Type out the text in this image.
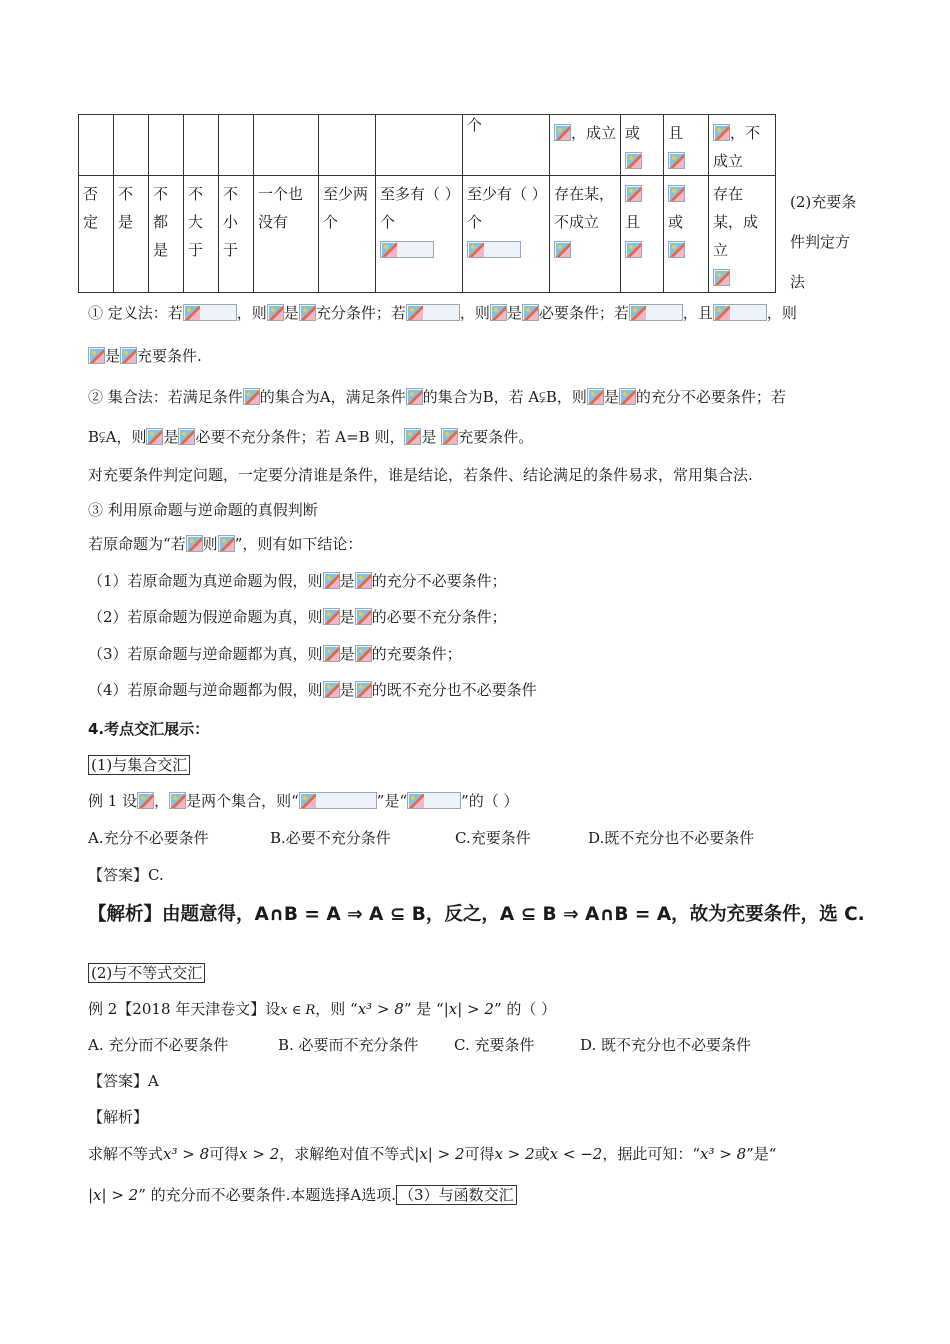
								个	，成立	或	且	，不成立
否定	不是	不都是	不大于	不小于	一个也没有	至少两个	至多有（ ）个	至少有（ ）个	存在某，不成立	且	或	存在某，成立

(2)充要条件判定方法
① 定义法：若	，则 是 充分条件；若	，则 是 必要条件；若	，且	，则
是 充要条件.
② 集合法：若满足条件 的集合为A，满足条件 的集合为B，若 A⫋B，则 是 的充分不必要条件；若
B⫋A，则 是 必要不充分条件；若 A=B 则， 是
充要条件。
对充要条件判定问题，一定要分清谁是条件，谁是结论，若条件、结论满足的条件易求，常用集合法.
③ 利用原命题与逆命题的真假判断
若原命题为“若 则 ”，则有如下结论：
（1）若原命题为真逆命题为假，则 是 的充分不必要条件；
（2）若原命题为假逆命题为真，则 是 的必要不充分条件；
（3）若原命题与逆命题都为真，则 是 的充要条件；
（4）若原命题与逆命题都为假，则 是 的既不充分也不必要条件
4.考点交汇展示：
(1)与集合交汇
例 1 设 ， 是两个集合，则“	”是“	”的（ ）
A.充分不必要条件	B.必要不充分条件	C.充要条件	D.既不充分也不必要条件
【答案】C.
【解析】由题意得，A∩B = A ⇒ A ⊆ B，反之，A ⊆ B ⇒ A∩B = A，故为充要条件，选 C.
(2)与不等式交汇
例 2【2018 年天津卷文】设x ∈ R，则 “x³ > 8” 是 “|x| > 2” 的（ ）
A. 充分而不必要条件	B. 必要而不充分条件 C. 充要条件	D. 既不充分也不必要条件
【答案】A
【解析】
求解不等式x³ > 8可得x > 2，求解绝对值不等式|x| > 2可得x > 2或x < −2，据此可知：“x³ > 8”是“
|x| > 2” 的充分而不必要条件.本题选择A选项. （3）与函数交汇
